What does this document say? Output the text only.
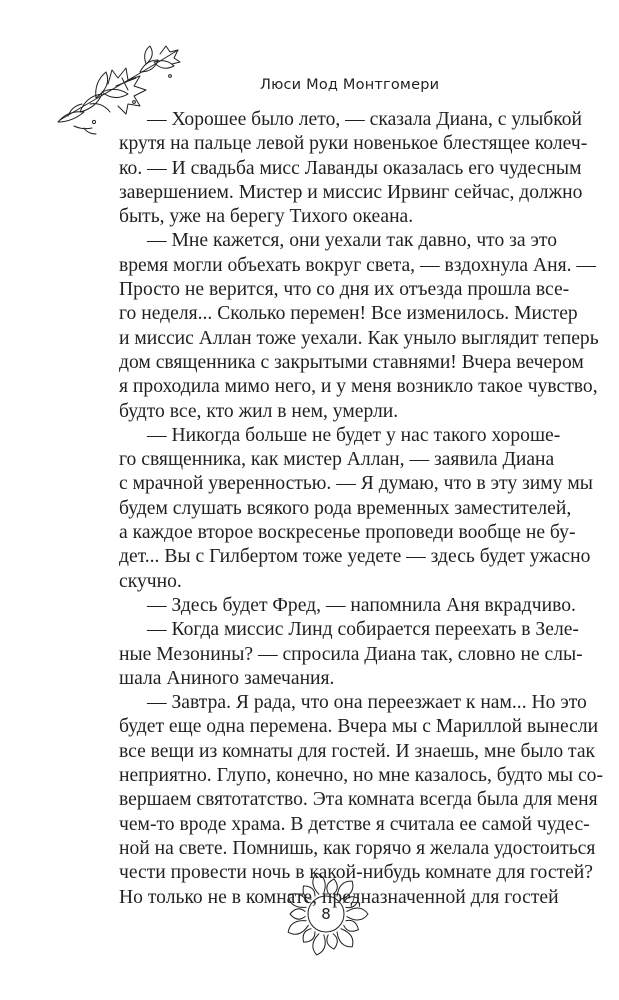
Люси Мод Монтгомери

— Хорошее было лето, — сказала Диана, с улыбкой
крутя на пальце левой руки новенькое блестящее колеч-
ко. — И свадьба мисс Лаванды оказалась его чудесным
завершением. Мистер и миссис Ирвинг сейчас, должно
быть, уже на берегу Тихого океана.

— Мне кажется, они уехали так давно, что за это
время могли объехать вокруг света, — вздохнула Аня. —
Просто не верится, что со дня их отъезда прошла все-
го неделя... Сколько перемен! Все изменилось. Мистер
и миссис Аллан тоже уехали. Как уныло выглядит теперь
дом священника с закрытыми ставнями! Вчера вечером
я проходила мимо него, и у меня возникло такое чувство,
будто все, кто жил в нем, умерли.

— Никогда больше не будет у нас такого хороше-
го священника, как мистер Аллан, — заявила Диана
с мрачной уверенностью. — Я думаю, что в эту зиму мы
будем слушать всякого рода временных заместителей,
а каждое второе воскресенье проповеди вообще не бу-
дет... Вы с Гилбертом тоже уедете — здесь будет ужасно
скучно.

— Здесь будет Фред, — напомнила Аня вкрадчиво.

— Когда миссис Линд собирается переехать в Зеле-
ные Мезонины? — спросила Диана так, словно не слы-
шала Аниного замечания.

— Завтра. Я рада, что она переезжает к нам... Но это
будет еще одна перемена. Вчера мы с Мариллой вынесли
все вещи из комнаты для гостей. И знаешь, мне было так
неприятно. Глупо, конечно, но мне казалось, будто мы со-
вершаем святотатство. Эта комната всегда была для меня
чем-то вроде храма. В детстве я считала ее самой чудес-
ной на свете. Помнишь, как горячо я желала удостоиться
чести провести ночь в какой-нибудь комнате для гостей?
Но только не в комнате, предназначенной для гостей

8
